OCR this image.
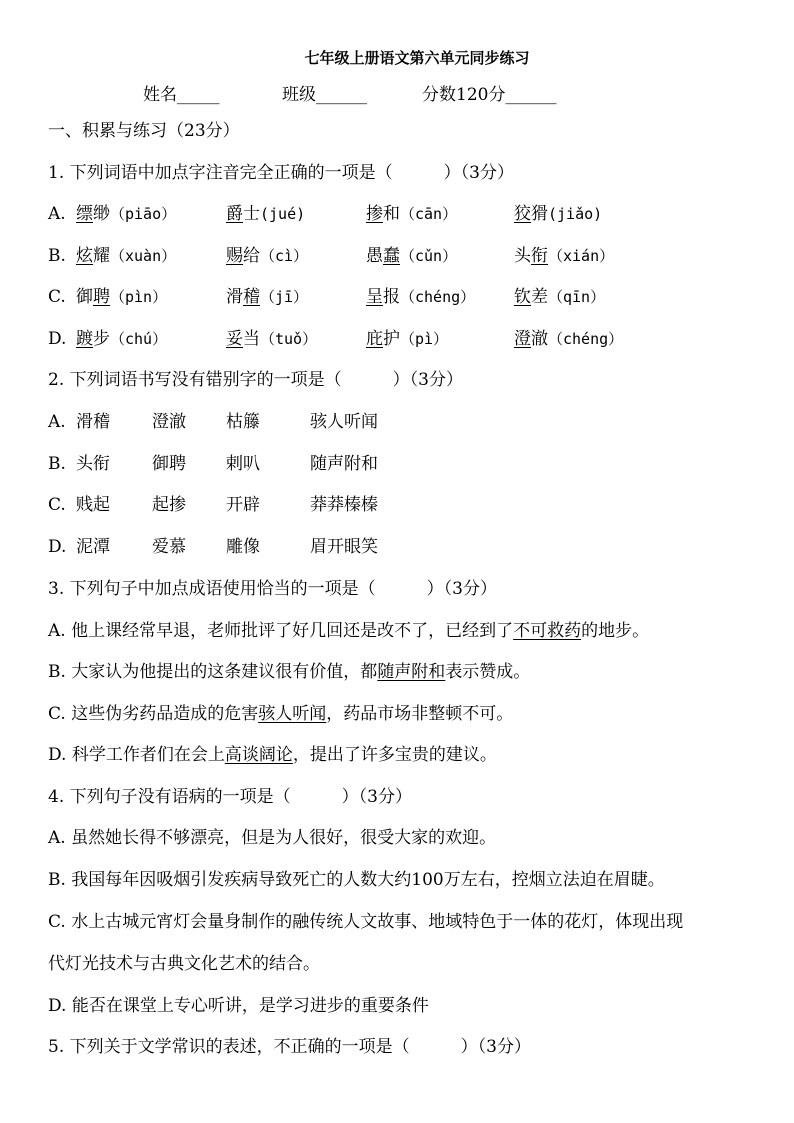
七年级上册语文第六单元同步练习
姓名_____	班级______	分数120分______
一、积累与练习（23分）
1. 下列词语中加点字注音完全正确的一项是（　　　）（3分）
A. 缥缈（piāo）	爵士(jué)	掺和（cān）	狡猾(jiǎo)
B. 炫耀（xuàn）	赐给（cì）	愚蠢（cǔn）	头衔（xián）
C. 御聘（pìn）	滑稽（jī）	呈报（chéng） 钦差（qīn）
D. 踱步（chú）	妥当（tuǒ）	庇护（pì）	澄澈（chéng）
2. 下列词语书写没有错别字的一项是（　　　）（3分）
A. 滑稽 澄澈 枯籐	骇人听闻
B. 头衔 御聘 剌叭	随声附和
C. 贱起 起掺 开辟	莽莽榛榛
D. 泥潭 爱慕 雕像	眉开眼笑
3. 下列句子中加点成语使用恰当的一项是（　　　）（3分）
A. 他上课经常早退，老师批评了好几回还是改不了，已经到了不可救药的地步。
B. 大家认为他提出的这条建议很有价值，都随声附和表示赞成。
C. 这些伪劣药品造成的危害骇人听闻，药品市场非整顿不可。
D. 科学工作者们在会上高谈阔论，提出了许多宝贵的建议。
4. 下列句子没有语病的一项是（　　　）（3分）
A. 虽然她长得不够漂亮，但是为人很好，很受大家的欢迎。
B. 我国每年因吸烟引发疾病导致死亡的人数大约100万左右，控烟立法迫在眉睫。
C. 水上古城元宵灯会量身制作的融传统人文故事、地域特色于一体的花灯，体现出现
代灯光技术与古典文化艺术的结合。
D. 能否在课堂上专心听讲，是学习进步的重要条件
5. 下列关于文学常识的表述，不正确的一项是（　　　）（3分）
